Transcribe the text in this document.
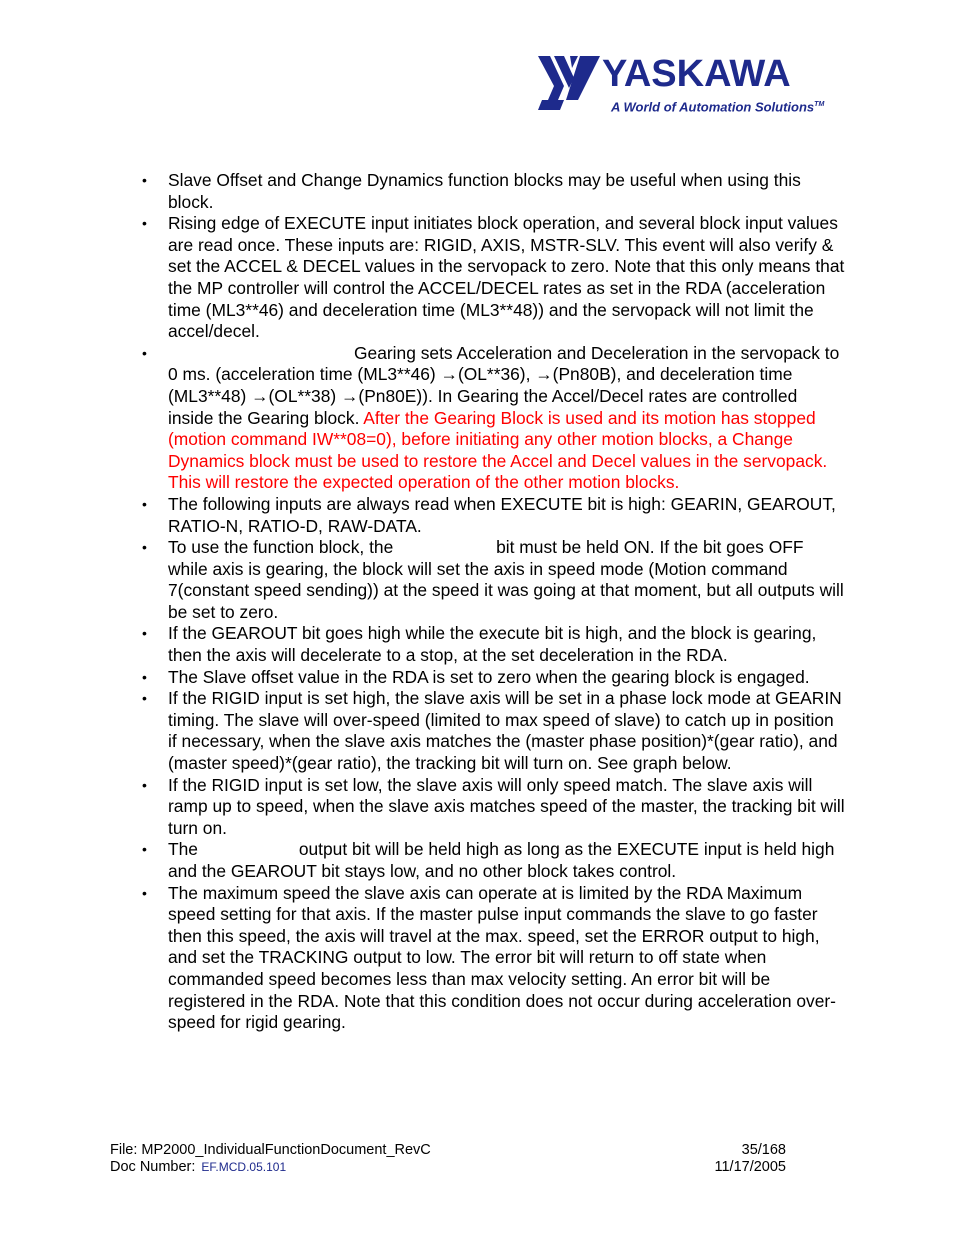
YASKAWA
A World of Automation Solutions™
• Slave Offset and Change Dynamics function blocks may be useful when using this block.
• Rising edge of EXECUTE input initiates block operation, and several block input values are read once. These inputs are: RIGID, AXIS, MSTR-SLV. This event will also verify & set the ACCEL & DECEL values in the servopack to zero. Note that this only means that the MP controller will control the ACCEL/DECEL rates as set in the RDA (acceleration time (ML3**46) and deceleration time (ML3**48)) and the servopack will not limit the accel/decel.
•	Gearing sets Acceleration and Deceleration in the servopack to 0 ms. (acceleration time (ML3**46) →(OL**36), →(Pn80B), and deceleration time (ML3**48) →(OL**38) →(Pn80E)). In Gearing the Accel/Decel rates are controlled inside the Gearing block. After the Gearing Block is used and its motion has stopped (motion command IW**08=0), before initiating any other motion blocks, a Change Dynamics block must be used to restore the Accel and Decel values in the servopack. This will restore the expected operation of the other motion blocks.
• The following inputs are always read when EXECUTE bit is high: GEARIN, GEAROUT, RATIO-N, RATIO-D, RAW-DATA.
• To use the function block, the	bit must be held ON. If the bit goes OFF while axis is gearing, the block will set the axis in speed mode (Motion command 7(constant speed sending)) at the speed it was going at that moment, but all outputs will be set to zero.
• If the GEAROUT bit goes high while the execute bit is high, and the block is gearing, then the axis will decelerate to a stop, at the set deceleration in the RDA.
• The Slave offset value in the RDA is set to zero when the gearing block is engaged.
• If the RIGID input is set high, the slave axis will be set in a phase lock mode at GEARIN timing. The slave will over-speed (limited to max speed of slave) to catch up in position if necessary, when the slave axis matches the (master phase position)*(gear ratio), and (master speed)*(gear ratio), the tracking bit will turn on. See graph below.
• If the RIGID input is set low, the slave axis will only speed match. The slave axis will ramp up to speed, when the slave axis matches speed of the master, the tracking bit will turn on.
• The	output bit will be held high as long as the EXECUTE input is held high and the GEAROUT bit stays low, and no other block takes control.
• The maximum speed the slave axis can operate at is limited by the RDA Maximum speed setting for that axis. If the master pulse input commands the slave to go faster then this speed, the axis will travel at the max. speed, set the ERROR output to high, and set the TRACKING output to low. The error bit will return to off state when commanded speed becomes less than max velocity setting. An error bit will be registered in the RDA. Note that this condition does not occur during acceleration over-speed for rigid gearing.
File: MP2000_IndividualFunctionDocument_RevC	35/168
Doc Number: EF.MCD.05.101	11/17/2005
